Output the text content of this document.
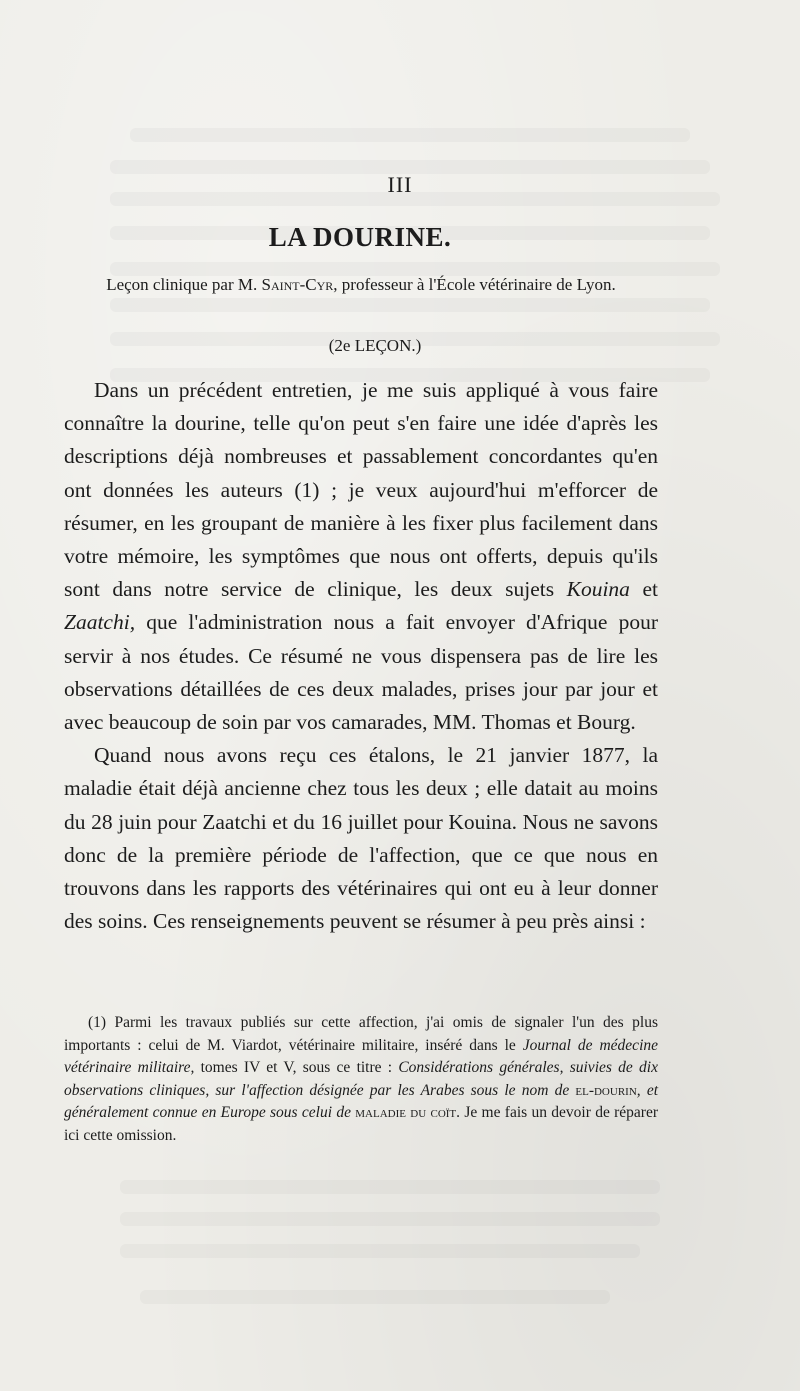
III
LA DOURINE.
Leçon clinique par M. Saint-Cyr, professeur à l'École vétérinaire de Lyon.
(2e LEÇON.)

Dans un précédent entretien, je me suis appliqué à vous faire connaître la dourine, telle qu'on peut s'en faire une idée d'après les descriptions déjà nombreuses et passablement concordantes qu'en ont données les auteurs (1) ; je veux aujourd'hui m'efforcer de résumer, en les groupant de manière à les fixer plus facilement dans votre mémoire, les symptômes que nous ont offerts, depuis qu'ils sont dans notre service de clinique, les deux sujets Kouina et Zaatchi, que l'administration nous a fait envoyer d'Afrique pour servir à nos études. Ce résumé ne vous dispensera pas de lire les observations détaillées de ces deux malades, prises jour par jour et avec beaucoup de soin par vos camarades, MM. Thomas et Bourg.

Quand nous avons reçu ces étalons, le 21 janvier 1877, la maladie était déjà ancienne chez tous les deux ; elle datait au moins du 28 juin pour Zaatchi et du 16 juillet pour Kouina. Nous ne savons donc de la première période de l'affection, que ce que nous en trouvons dans les rapports des vétérinaires qui ont eu à leur donner des soins. Ces renseignements peuvent se résumer à peu près ainsi :

(1) Parmi les travaux publiés sur cette affection, j'ai omis de signaler l'un des plus importants : celui de M. Viardot, vétérinaire militaire, inséré dans le Journal de médecine vétérinaire militaire, tomes IV et V, sous ce titre : Considérations générales, suivies de dix observations cliniques, sur l'affection désignée par les Arabes sous le nom de el-dourin, et généralement connue en Europe sous celui de maladie du coït. Je me fais un devoir de réparer ici cette omission.
